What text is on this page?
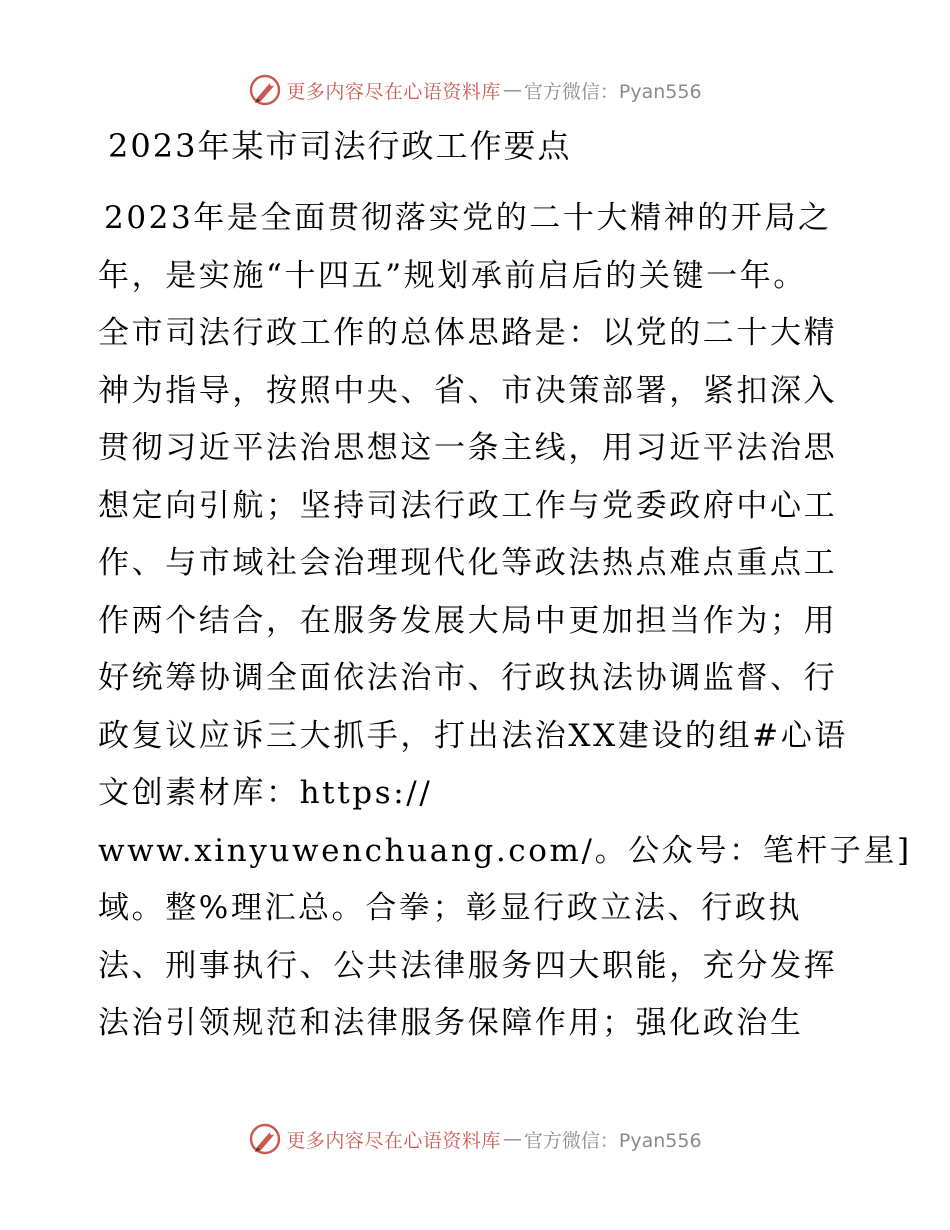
更多内容尽在心语资料库 — 官方微信：Pyan556
2023年某市司法行政工作要点
2023年是全面贯彻落实党的二十大精神的开局之
年，是实施“十四五”规划承前启后的关键一年。
全市司法行政工作的总体思路是：以党的二十大精
神为指导，按照中央、省、市决策部署，紧扣深入
贯彻习近平法治思想这一条主线，用习近平法治思
想定向引航；坚持司法行政工作与党委政府中心工
作、与市域社会治理现代化等政法热点难点重点工
作两个结合，在服务发展大局中更加担当作为；用
好统筹协调全面依法治市、行政执法协调监督、行
政复议应诉三大抓手，打出法治XX建设的组#心语
文创素材库：https://
www.xinyuwenchuang.com/。公众号：笔杆子星]
域。整%理汇总。合拳；彰显行政立法、行政执
法、刑事执行、公共法律服务四大职能，充分发挥
法治引领规范和法律服务保障作用；强化政治生
更多内容尽在心语资料库 — 官方微信：Pyan556
